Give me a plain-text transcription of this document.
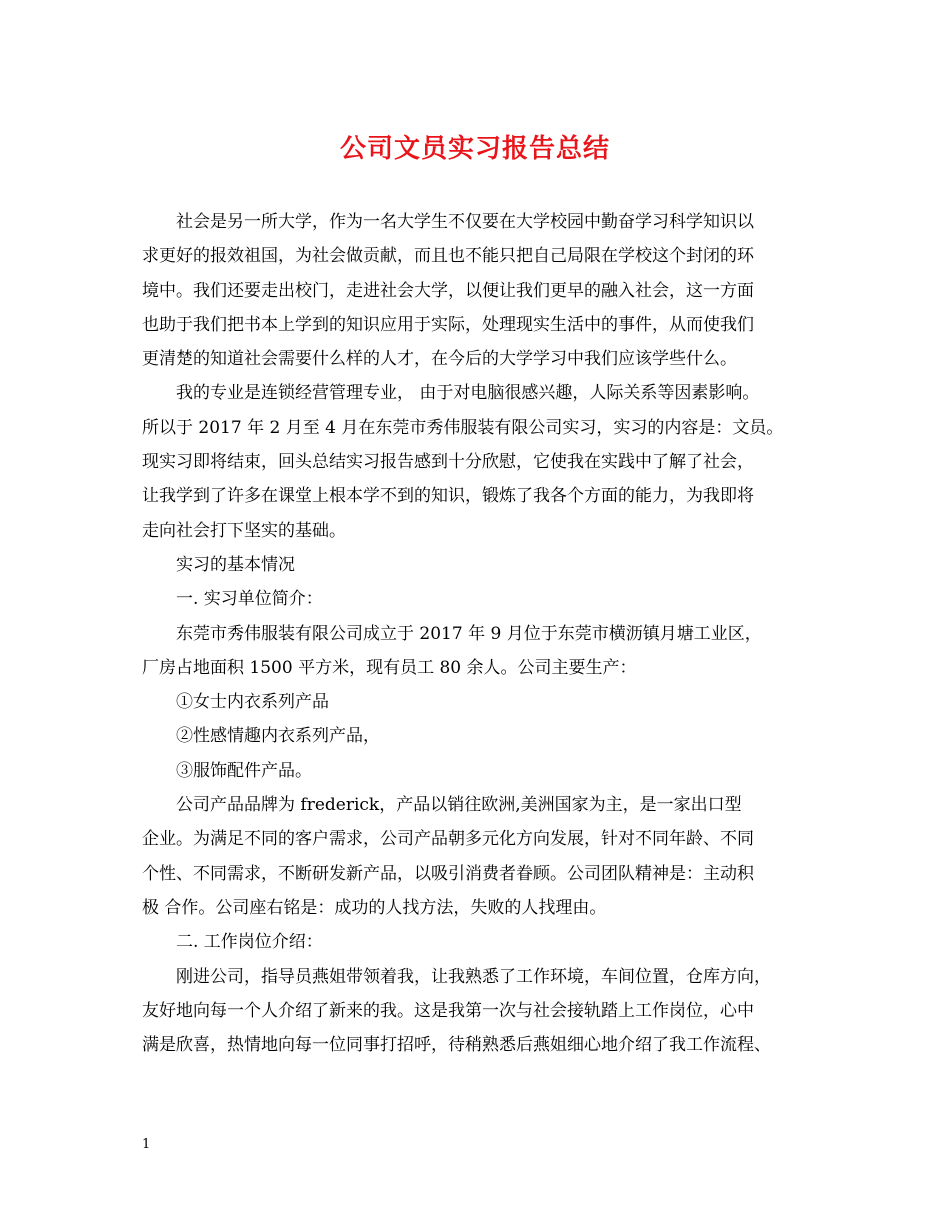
公司文员实习报告总结
社会是另一所大学，作为一名大学生不仅要在大学校园中勤奋学习科学知识以
求更好的报效祖国，为社会做贡献，而且也不能只把自己局限在学校这个封闭的环
境中。我们还要走出校门，走进社会大学，以便让我们更早的融入社会，这一方面
也助于我们把书本上学到的知识应用于实际，处理现实生活中的事件，从而使我们
更清楚的知道社会需要什么样的人才，在今后的大学学习中我们应该学些什么。
我的专业是连锁经营管理专业， 由于对电脑很感兴趣，人际关系等因素影响。
所以于 2017 年 2 月至 4 月在东莞市秀伟服装有限公司实习，实习的内容是：文员。
现实习即将结束，回头总结实习报告感到十分欣慰，它使我在实践中了解了社会，
让我学到了许多在课堂上根本学不到的知识，锻炼了我各个方面的能力，为我即将
走向社会打下坚实的基础。
实习的基本情况
一. 实习单位简介：
东莞市秀伟服装有限公司成立于 2017 年 9 月位于东莞市横沥镇月塘工业区，
厂房占地面积 1500 平方米，现有员工 80 余人。公司主要生产：
①女士内衣系列产品
②性感情趣内衣系列产品，
③服饰配件产品。
公司产品品牌为 frederick，产品以销往欧洲,美洲国家为主，是一家出口型
企业。为满足不同的客户需求，公司产品朝多元化方向发展，针对不同年龄、不同
个性、不同需求，不断研发新产品，以吸引消费者眷顾。公司团队精神是：主动积
极 合作。公司座右铭是：成功的人找方法，失败的人找理由。
二. 工作岗位介绍：
刚进公司，指导员燕姐带领着我，让我熟悉了工作环境，车间位置，仓库方向，
友好地向每一个人介绍了新来的我。这是我第一次与社会接轨踏上工作岗位，心中
满是欣喜，热情地向每一位同事打招呼，待稍熟悉后燕姐细心地介绍了我工作流程、
1
